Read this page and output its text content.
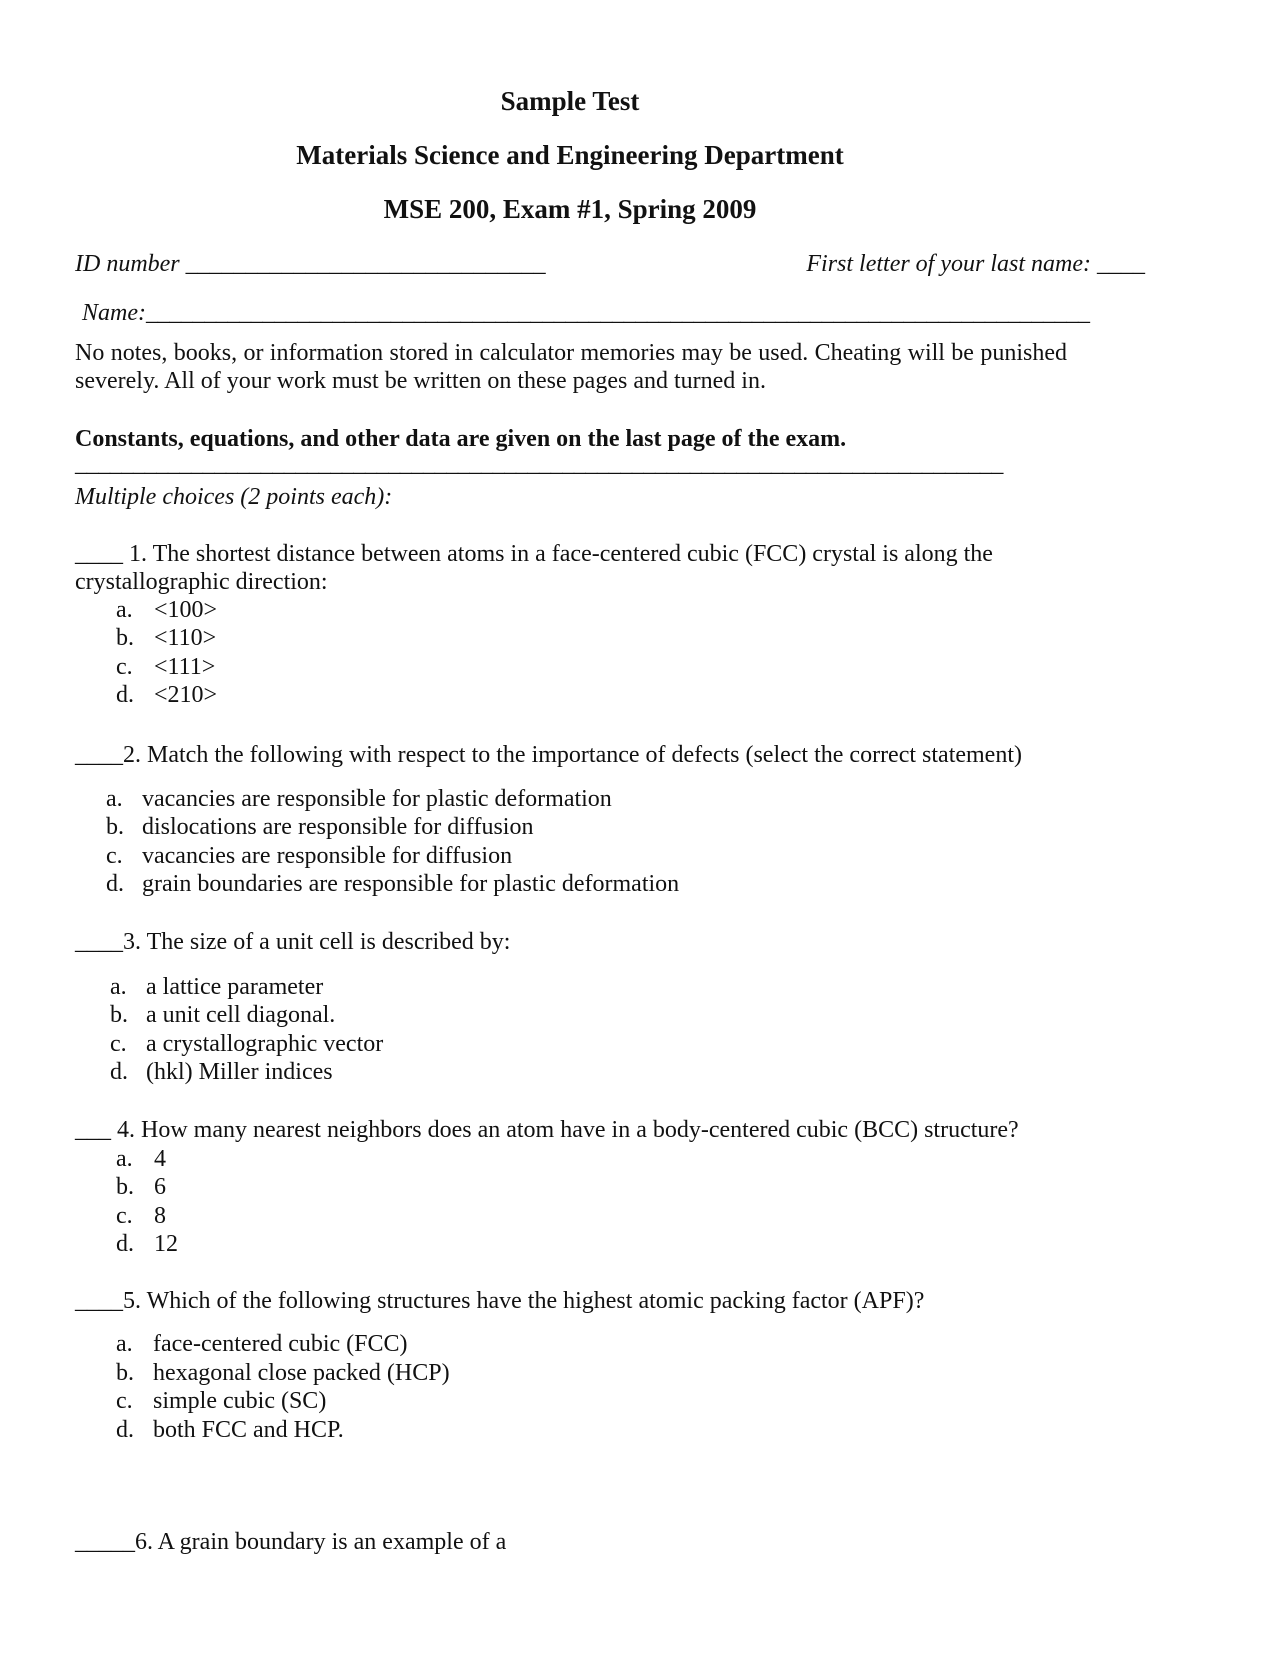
Sample Test
Materials Science and Engineering Department
MSE 200, Exam #1, Spring 2009
ID number ______________________________	First letter of your last name: ____
Name:_________________________________________________________________________________
No notes, books, or information stored in calculator memories may be used. Cheating will be punished severely. All of your work must be written on these pages and turned in.
Constants, equations, and other data are given on the last page of the exam.
________________________________________________________________________________
Multiple choices (2 points each):
____ 1. The shortest distance between atoms in a face-centered cubic (FCC) crystal is along the
crystallographic direction:
a. <100>
b. <110>
c. <111>
d. <210>
____2. Match the following with respect to the importance of defects (select the correct statement)
a. vacancies are responsible for plastic deformation
b. dislocations are responsible for diffusion
c. vacancies are responsible for diffusion
d. grain boundaries are responsible for plastic deformation
____3. The size of a unit cell is described by:
a. a lattice parameter
b. a unit cell diagonal.
c. a crystallographic vector
d. (hkl) Miller indices
___ 4. How many nearest neighbors does an atom have in a body-centered cubic (BCC) structure?
a. 4
b. 6
c. 8
d. 12
____5. Which of the following structures have the highest atomic packing factor (APF)?
a. face-centered cubic (FCC)
b. hexagonal close packed (HCP)
c. simple cubic (SC)
d. both FCC and HCP.
_____6. A grain boundary is an example of a
